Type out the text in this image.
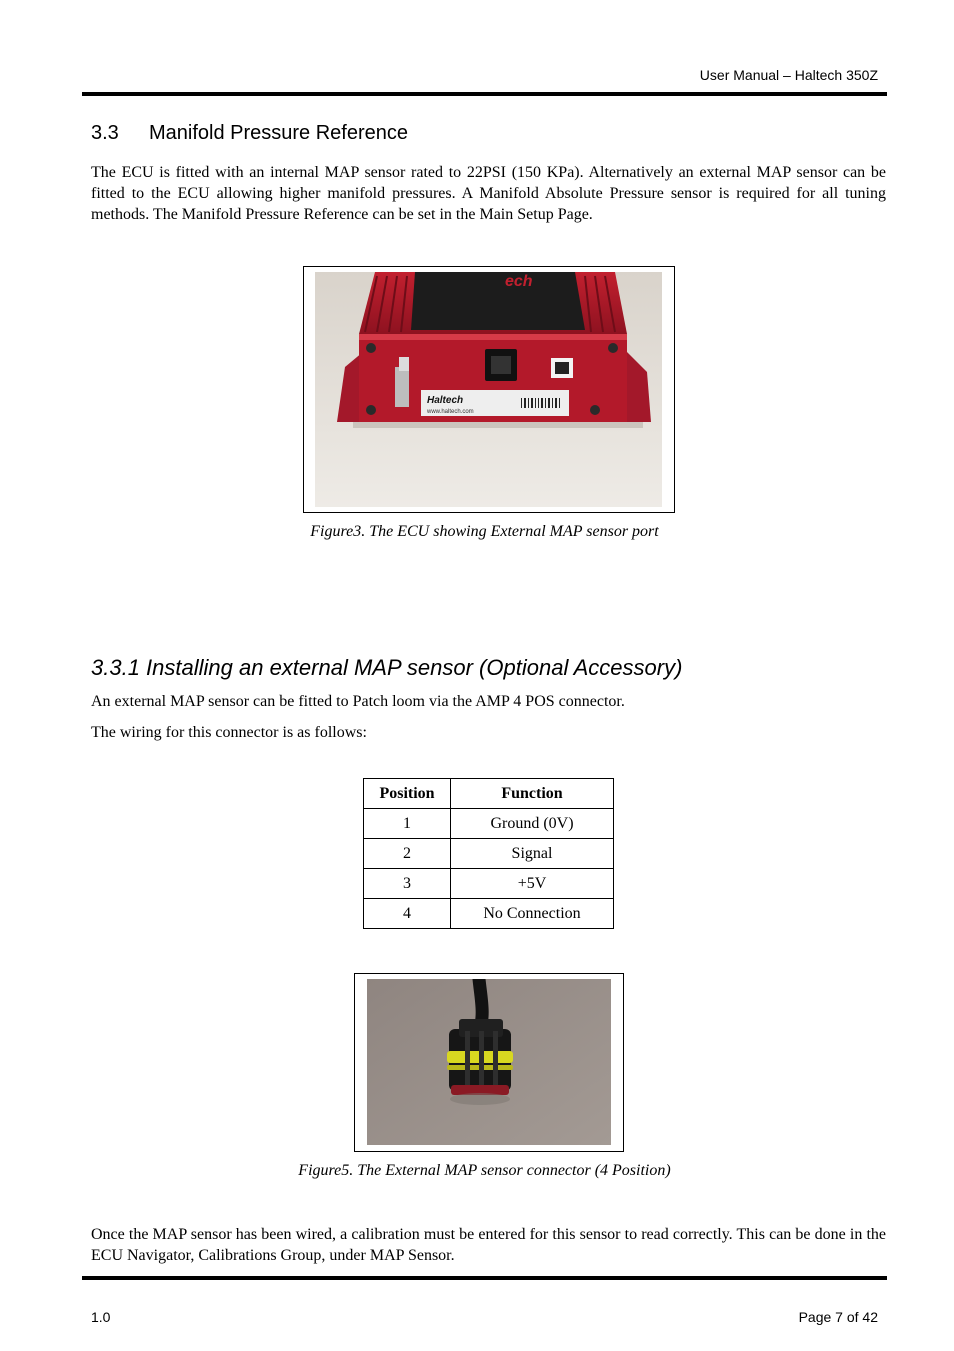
User Manual – Haltech 350Z
3.3 Manifold Pressure Reference

The ECU is fitted with an internal MAP sensor rated to 22PSI (150 KPa). Alternatively an external MAP sensor can be fitted to the ECU allowing higher manifold pressures. A Manifold Absolute Pressure sensor is required for all tuning methods. The Manifold Pressure Reference can be set in the Main Setup Page.

ech
Haltech
www.haltech.com

Figure3. The ECU showing External MAP sensor port

3.3.1 Installing an external MAP sensor (Optional Accessory)

An external MAP sensor can be fitted to Patch loom via the AMP 4 POS connector.

The wiring for this connector is as follows:

Position	Function
1	Ground (0V)
2	Signal
3	+5V
4	No Connection

Figure5. The External MAP sensor connector (4 Position)

Once the MAP sensor has been wired, a calibration must be entered for this sensor to read correctly. This can be done in the ECU Navigator, Calibrations Group, under MAP Sensor.

1.0	Page 7 of 42
